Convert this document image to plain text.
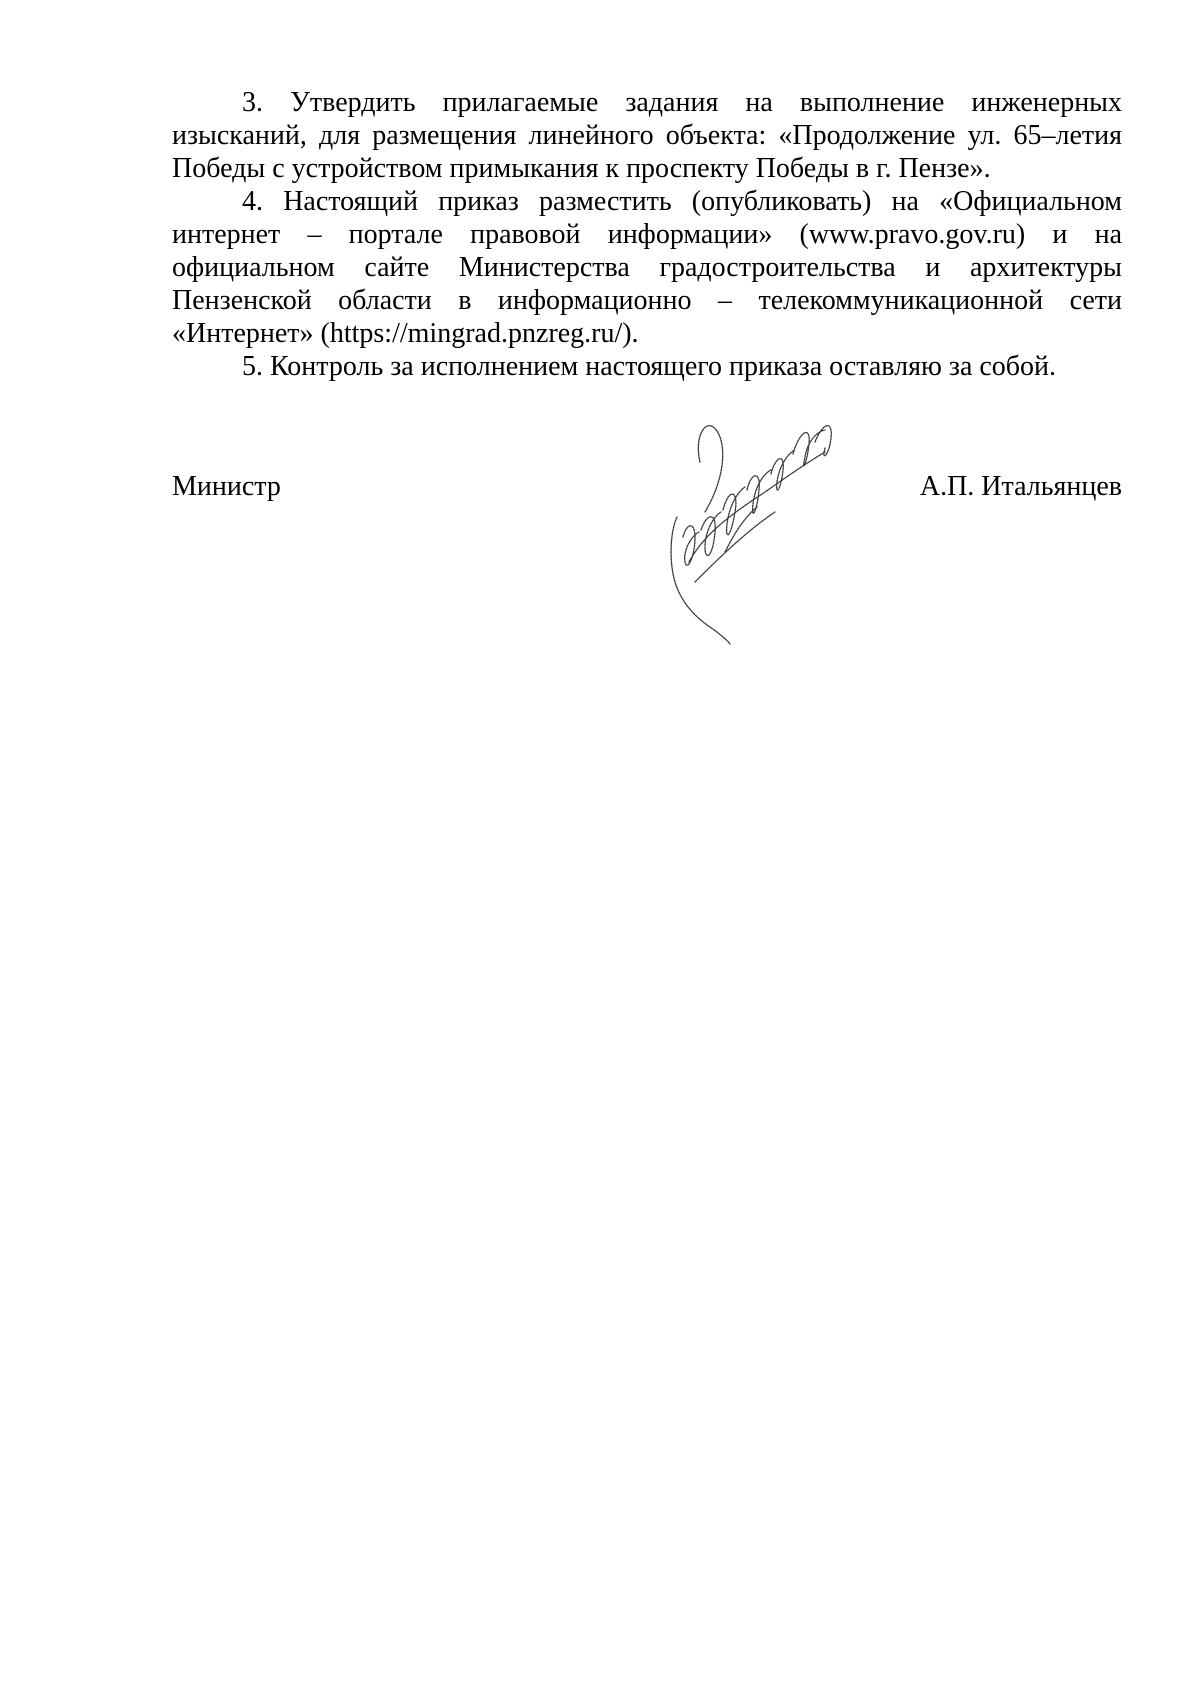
3. Утвердить прилагаемые задания на выполнение инженерных изысканий, для размещения линейного объекта: «Продолжение ул. 65–летия Победы с устройством примыкания к проспекту Победы в г. Пензе».

4. Настоящий приказ разместить (опубликовать) на «Официальном интернет – портале правовой информации» (www.pravo.gov.ru) и на официальном сайте Министерства градостроительства и архитектуры Пензенской области в информационно – телекоммуникационной сети «Интернет» (https://mingrad.pnzreg.ru/).

5. Контроль за исполнением настоящего приказа оставляю за собой.

Министр	А.П. Итальянцев
